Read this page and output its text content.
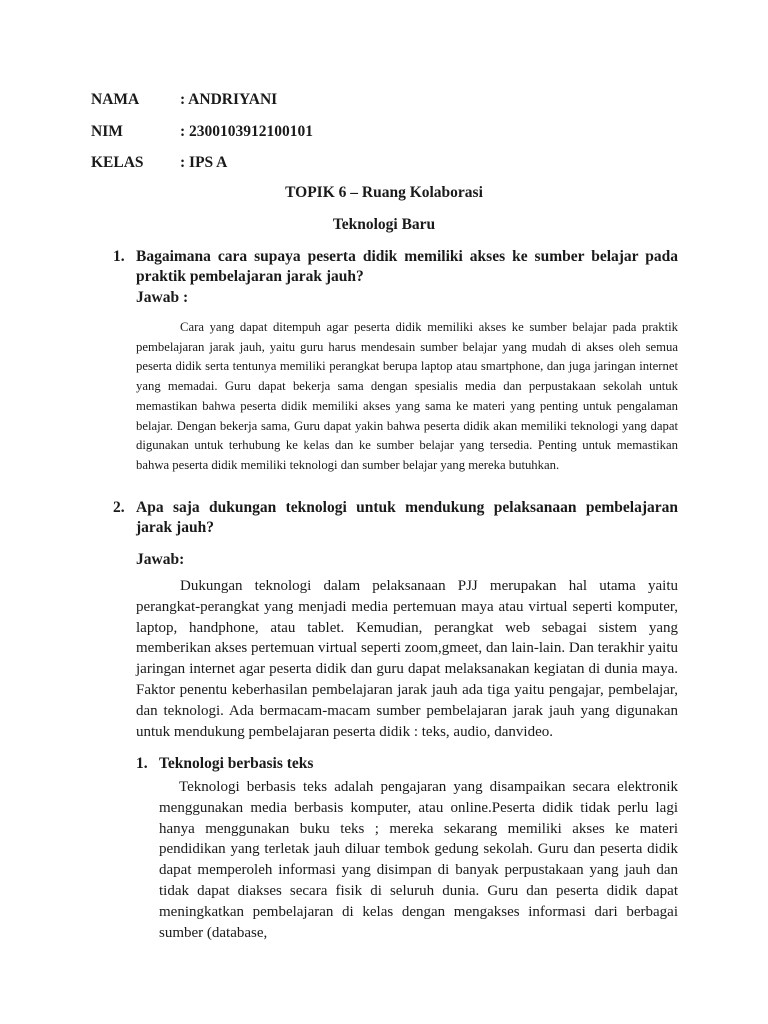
NAMA	: ANDRIYANI
NIM	: 2300103912100101
KELAS : IPS A
TOPIK 6 – Ruang Kolaborasi
Teknologi Baru
1. Bagaimana cara supaya peserta didik memiliki akses ke sumber belajar pada praktik pembelajaran jarak jauh?
Jawab :

Cara yang dapat ditempuh agar peserta didik memiliki akses ke sumber belajar pada praktik pembelajaran jarak jauh, yaitu guru harus mendesain sumber belajar yang mudah di akses oleh semua peserta didik serta tentunya memiliki perangkat berupa laptop atau smartphone, dan juga jaringan internet yang memadai. Guru dapat bekerja sama dengan spesialis media dan perpustakaan sekolah untuk memastikan bahwa peserta didik memiliki akses yang sama ke materi yang penting untuk pengalaman belajar. Dengan bekerja sama, Guru dapat yakin bahwa peserta didik akan memiliki teknologi yang dapat digunakan untuk terhubung ke kelas dan ke sumber belajar yang tersedia. Penting untuk memastikan bahwa peserta didik memiliki teknologi dan sumber belajar yang mereka butuhkan.

2. Apa saja dukungan teknologi untuk mendukung pelaksanaan pembelajaran jarak jauh?
Jawab:

Dukungan teknologi dalam pelaksanaan PJJ merupakan hal utama yaitu perangkat-perangkat yang menjadi media pertemuan maya atau virtual seperti komputer, laptop, handphone, atau tablet. Kemudian, perangkat web sebagai sistem yang memberikan akses pertemuan virtual seperti zoom,gmeet, dan lain-lain. Dan terakhir yaitu jaringan internet agar peserta didik dan guru dapat melaksanakan kegiatan di dunia maya. Faktor penentu keberhasilan pembelajaran jarak jauh ada tiga yaitu pengajar, pembelajar, dan teknologi. Ada bermacam-macam sumber pembelajaran jarak jauh yang digunakan untuk mendukung pembelajaran peserta didik : teks, audio, danvideo.

1. Teknologi berbasis teks

Teknologi berbasis teks adalah pengajaran yang disampaikan secara elektronik menggunakan media berbasis komputer, atau online.Peserta didik tidak perlu lagi hanya menggunakan buku teks ; mereka sekarang memiliki akses ke materi pendidikan yang terletak jauh diluar tembok gedung sekolah. Guru dan peserta didik dapat memperoleh informasi yang disimpan di banyak perpustakaan yang jauh dan tidak dapat diakses secara fisik di seluruh dunia. Guru dan peserta didik dapat meningkatkan pembelajaran di kelas dengan mengakses informasi dari berbagai sumber (database,
